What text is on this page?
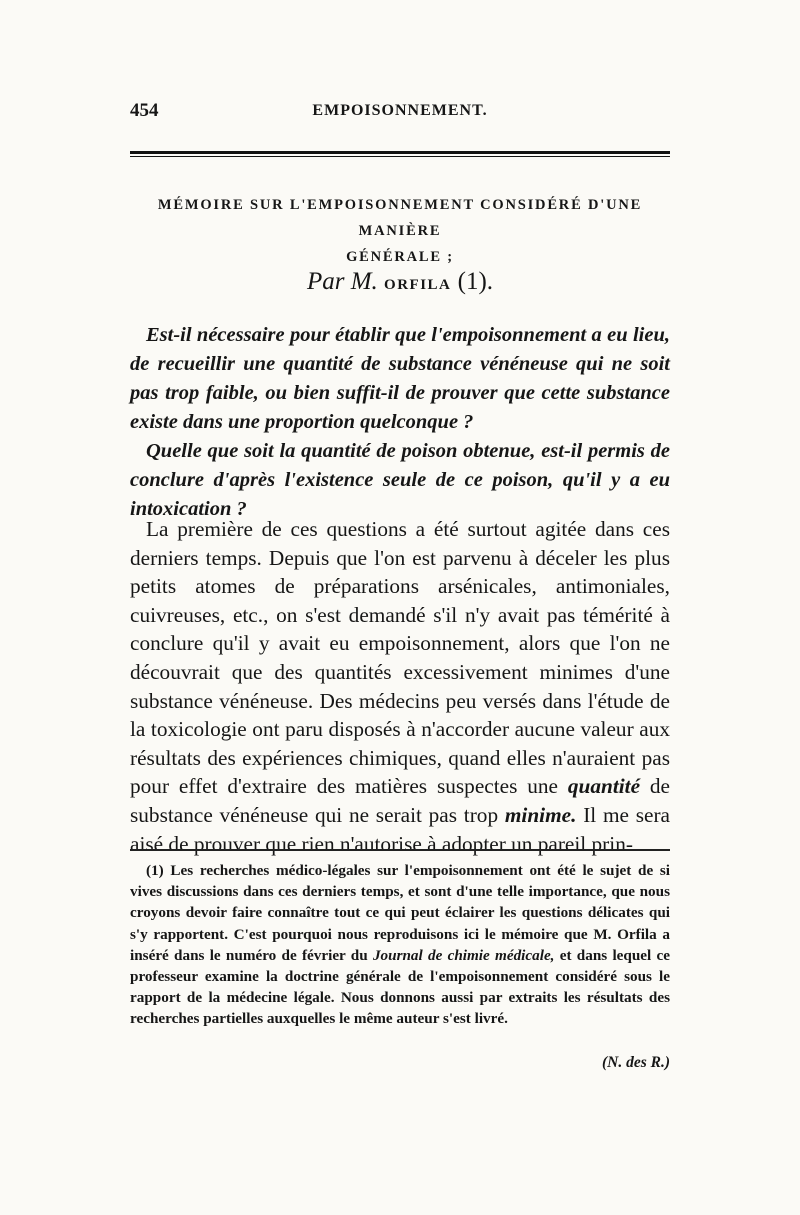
454	EMPOISONNEMENT.
MÉMOIRE SUR L'EMPOISONNEMENT CONSIDÉRÉ D'UNE MANIÈRE
GÉNÉRALE ;
Par M. ORFILA (1).

Est-il nécessaire pour établir que l'empoisonnement a eu lieu, de recueillir une quantité de substance vénéneuse qui ne soit pas trop faible, ou bien suffit-il de prouver que cette substance existe dans une proportion quelconque ?

Quelle que soit la quantité de poison obtenue, est-il permis de conclure d'après l'existence seule de ce poison, qu'il y a eu intoxication ?

La première de ces questions a été surtout agitée dans ces derniers temps. Depuis que l'on est parvenu à déceler les plus petits atomes de préparations arsénicales, antimoniales, cuivreuses, etc., on s'est demandé s'il n'y avait pas témérité à conclure qu'il y avait eu empoisonnement, alors que l'on ne découvrait que des quantités excessivement minimes d'une substance vénéneuse. Des médecins peu versés dans l'étude de la toxicologie ont paru disposés à n'accorder aucune valeur aux résultats des expériences chimiques, quand elles n'auraient pas pour effet d'extraire des matières suspectes une quantité de substance vénéneuse qui ne serait pas trop minime. Il me sera aisé de prouver que rien n'autorise à adopter un pareil prin-

(1) Les recherches médico-légales sur l'empoisonnement ont été le sujet de si vives discussions dans ces derniers temps, et sont d'une telle importance, que nous croyons devoir faire connaître tout ce qui peut éclairer les questions délicates qui s'y rapportent. C'est pourquoi nous reproduisons ici le mémoire que M. Orfila a inséré dans le numéro de février du Journal de chimie médicale, et dans lequel ce professeur examine la doctrine générale de l'empoisonnement considéré sous le rapport de la médecine légale. Nous donnons aussi par extraits les résultats des recherches partielles auxquelles le même auteur s'est livré.

(N. des R.)
